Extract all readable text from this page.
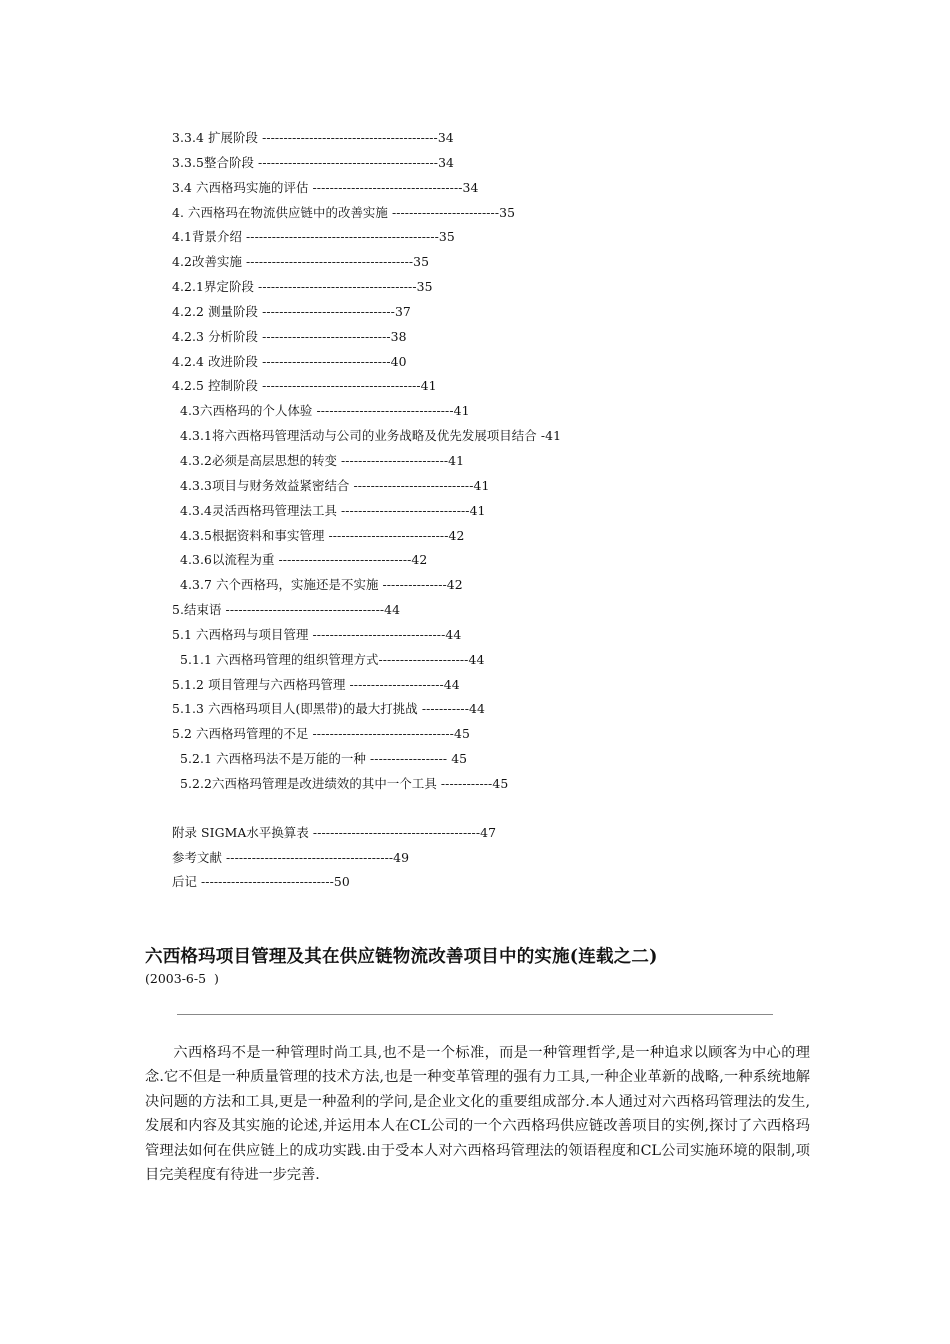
3.3.4 扩展阶段 -----------------------------------------34
3.3.5整合阶段 ------------------------------------------34
3.4 六西格玛实施的评估 -----------------------------------34
4. 六西格玛在物流供应链中的改善实施 -------------------------35
4.1背景介绍 ---------------------------------------------35
4.2改善实施 ---------------------------------------35
4.2.1界定阶段 -------------------------------------35
4.2.2 测量阶段 -------------------------------37
4.2.3 分析阶段 ------------------------------38
4.2.4 改进阶段 ------------------------------40
4.2.5 控制阶段 -------------------------------------41
4.3六西格玛的个人体验 --------------------------------41
4.3.1将六西格玛管理活动与公司的业务战略及优先发展项目结合 -41
4.3.2必须是高层思想的转变 -------------------------41
4.3.3项目与财务效益紧密结合 ----------------------------41
4.3.4灵活西格玛管理法工具 ------------------------------41
4.3.5根据资料和事实管理 ----------------------------42
4.3.6以流程为重 -------------------------------42
4.3.7 六个西格玛，实施还是不实施 ---------------42
5.结束语 -------------------------------------44
5.1 六西格玛与项目管理 -------------------------------44
5.1.1 六西格玛管理的组织管理方式---------------------44
5.1.2 项目管理与六西格玛管理 ----------------------44
5.1.3 六西格玛项目人(即黑带)的最大打挑战 -----------44
5.2 六西格玛管理的不足 ---------------------------------45
5.2.1 六西格玛法不是万能的一种 ------------------ 45
5.2.2六西格玛管理是改进绩效的其中一个工具 ------------45
附录 SIGMA水平换算表 ---------------------------------------47
参考文献 ---------------------------------------49
后记 -------------------------------50
六西格玛项目管理及其在供应链物流改善项目中的实施(连载之二)
(2003-6-5  )

六西格玛不是一种管理时尚工具,也不是一个标准，而是一种管理哲学,是一种追求以顾客为中心的理念.它不但是一种质量管理的技术方法,也是一种变革管理的强有力工具,一种企业革新的战略,一种系统地解决问题的方法和工具,更是一种盈利的学问,是企业文化的重要组成部分.本人通过对六西格玛管理法的发生,发展和内容及其实施的论述,并运用本人在CL公司的一个六西格玛供应链改善项目的实例,探讨了六西格玛管理法如何在供应链上的成功实践.由于受本人对六西格玛管理法的领语程度和CL公司实施环境的限制,项目完美程度有待进一步完善.
